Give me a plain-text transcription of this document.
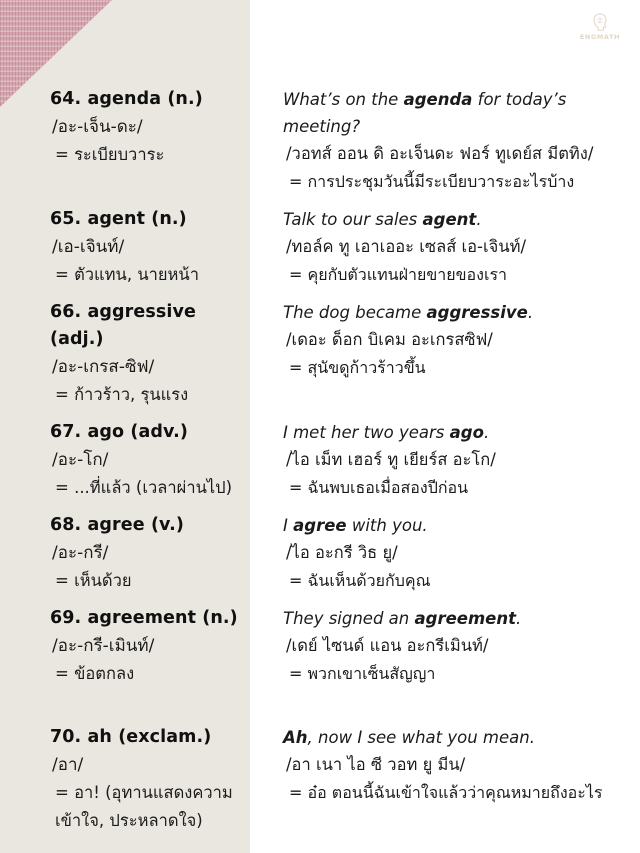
ENGMATH
64. agenda (n.)
/อะ-เจ็น-ดะ/
= ระเบียบวาระ
What’s on the agenda for today’s meeting?
/วอทส์ ออน ดิ อะเจ็นดะ ฟอร์ ทูเดย์ส มีตทิง/
= การประชุมวันนี้มีระเบียบวาระอะไรบ้าง
65. agent (n.)
/เอ-เจินท์/
= ตัวแทน, นายหน้า
Talk to our sales agent.
/ทอล์ค ทู เอาเออะ เซลส์ เอ-เจินท์/
= คุยกับตัวแทนฝ่ายขายของเรา
66. aggressive (adj.)
/อะ-เกรส-ซิฟ/
= ก้าวร้าว, รุนแรง
The dog became aggressive.
/เดอะ ด็อก บิเคม อะเกรสซิฟ/
= สุนัขดูก้าวร้าวขึ้น
67. ago (adv.)
/อะ-โก/
= ...ที่แล้ว (เวลาผ่านไป)
I met her two years ago.
/ไอ เม็ท เฮอร์ ทู เยียร์ส อะโก/
= ฉันพบเธอเมื่อสองปีก่อน
68. agree (v.)
/อะ-กรี/
= เห็นด้วย
I agree with you.
/ไอ อะกรี วิธ ยู/
= ฉันเห็นด้วยกับคุณ
69. agreement (n.)
/อะ-กรี-เมินท์/
= ข้อตกลง
They signed an agreement.
/เดย์ ไซนด์ แอน อะกรีเมินท์/
= พวกเขาเซ็นสัญญา
70. ah (exclam.)
/อา/
= อา! (อุทานแสดงความเข้าใจ, ประหลาดใจ)
Ah, now I see what you mean.
/อา เนา ไอ ซี วอท ยู มีน/
= อ๋อ ตอนนี้ฉันเข้าใจแล้วว่าคุณหมายถึงอะไร
